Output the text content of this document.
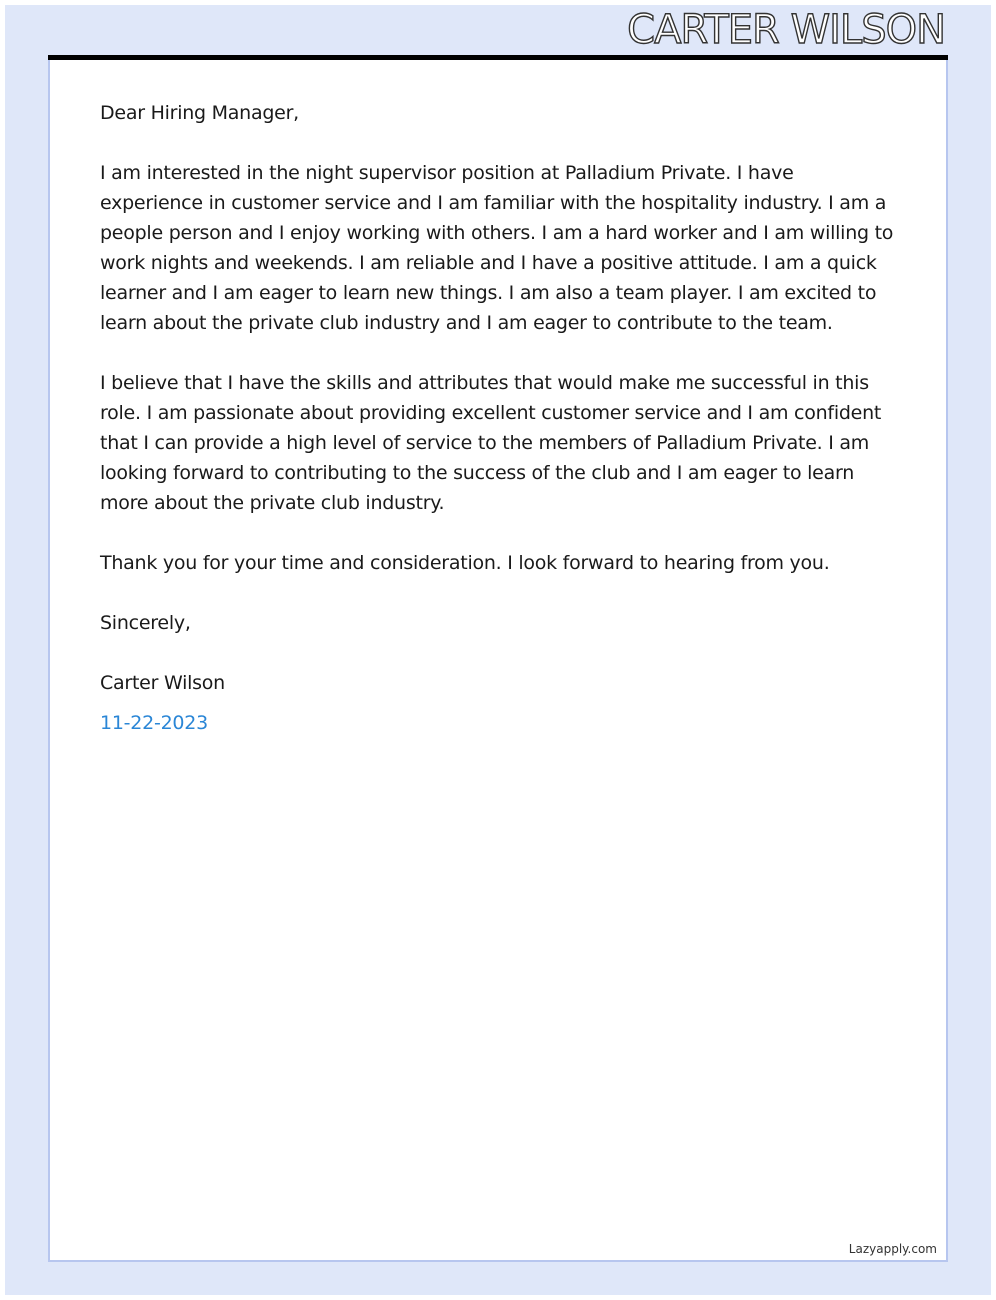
CARTER WILSON

Dear Hiring Manager,

I am interested in the night supervisor position at Palladium Private. I have experience in customer service and I am familiar with the hospitality industry. I am a people person and I enjoy working with others. I am a hard worker and I am willing to work nights and weekends. I am reliable and I have a positive attitude. I am a quick learner and I am eager to learn new things. I am also a team player. I am excited to learn about the private club industry and I am eager to contribute to the team.

I believe that I have the skills and attributes that would make me successful in this role. I am passionate about providing excellent customer service and I am confident that I can provide a high level of service to the members of Palladium Private. I am looking forward to contributing to the success of the club and I am eager to learn more about the private club industry.

Thank you for your time and consideration. I look forward to hearing from you.

Sincerely,

Carter Wilson

11-22-2023

Lazyapply.com
